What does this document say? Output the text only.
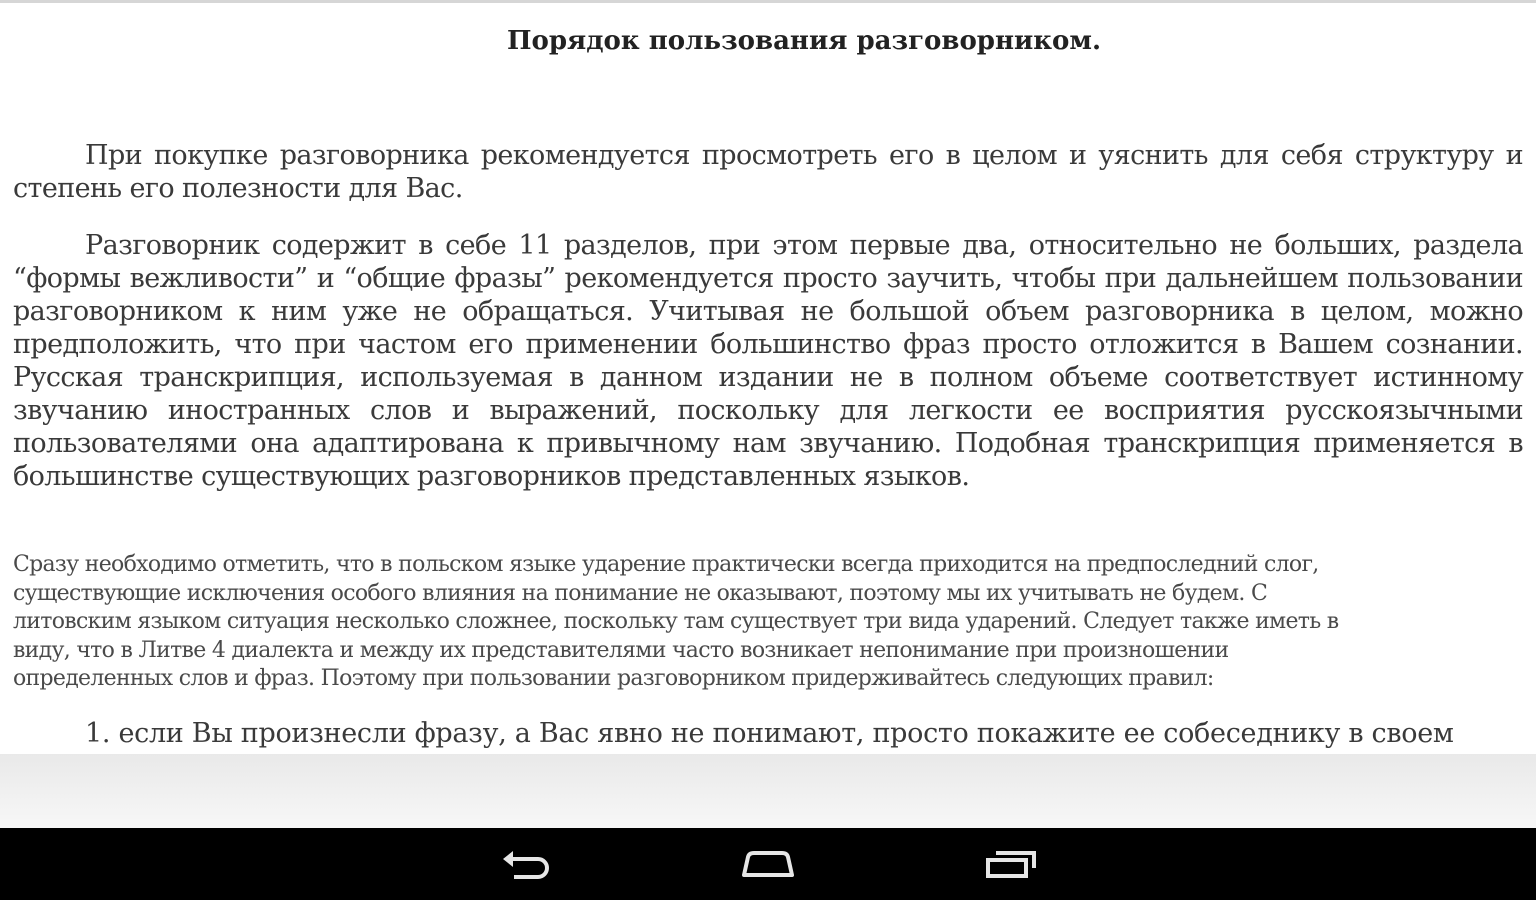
Порядок пользования разговорником.

При покупке разговорника рекомендуется просмотреть его в целом и уяснить для себя структуру и степень его полезности для Вас.

Разговорник содержит в себе 11 разделов, при этом первые два, относительно не больших, раздела “формы вежливости” и “общие фразы” рекомендуется просто заучить, чтобы при дальнейшем пользовании разговорником к ним уже не обращаться. Учитывая не большой объем разговорника в целом, можно предположить, что при частом его применении большинство фраз просто отложится в Вашем сознании. Русская транскрипция, используемая в данном издании не в полном объеме соответствует истинному звучанию иностранных слов и выражений, поскольку для легкости ее восприятия русскоязычными пользователями она адаптирована к привычному нам звучанию. Подобная транскрипция применяется в большинстве существующих разговорников представленных языков.

Сразу необходимо отметить, что в польском языке ударение практически всегда приходится на предпоследний слог,
существующие исключения особого влияния на понимание не оказывают, поэтому мы их учитывать не будем. С
литовским языком ситуация несколько сложнее, поскольку там существует три вида ударений. Следует также иметь в
виду, что в Литве 4 диалекта и между их представителями часто возникает непонимание при произношении
определенных слов и фраз. Поэтому при пользовании разговорником придерживайтесь следующих правил:

1. если Вы произнесли фразу, а Вас явно не понимают, просто покажите ее собеседнику в своем
